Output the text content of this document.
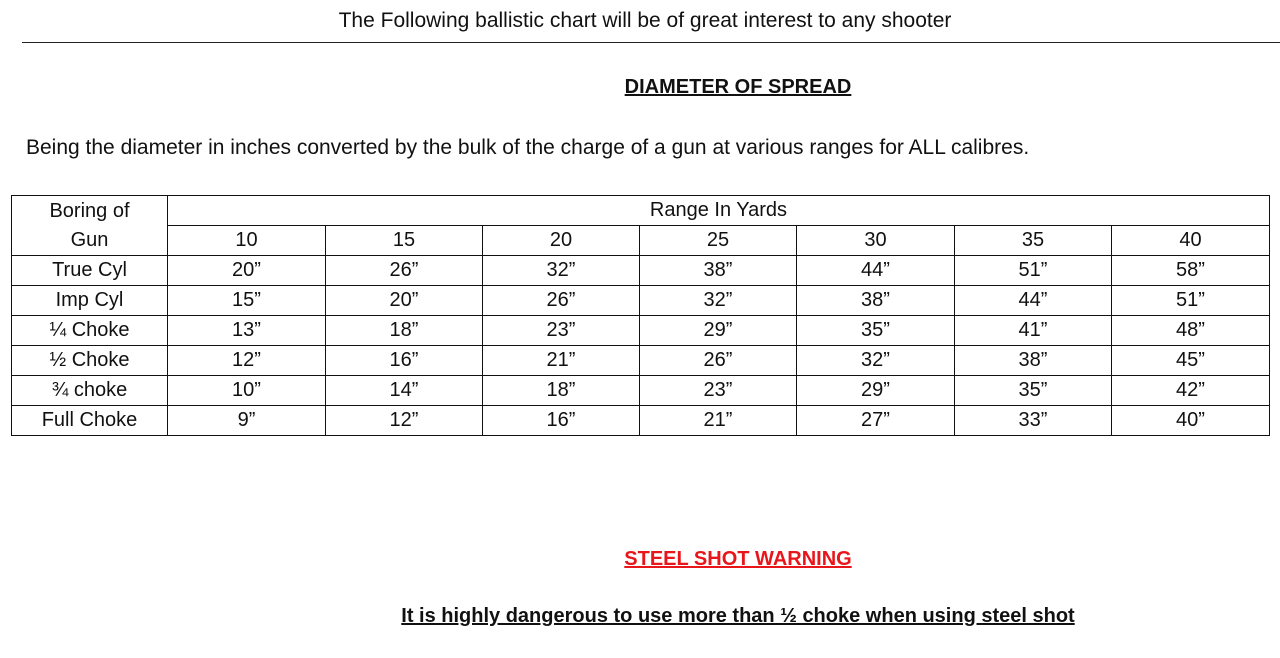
The Following ballistic chart will be of great interest to any shooter
DIAMETER OF SPREAD
Being the diameter in inches converted by the bulk of the charge of a gun at various ranges for ALL calibres.
Boring of
Gun	Range In Yards						
	10	15	20	25	30	35	40
True Cyl	20”	26”	32”	38”	44”	51”	58”
Imp Cyl	15”	20”	26”	32”	38”	44”	51”
¼ Choke	13”	18”	23”	29”	35”	41”	48”
½ Choke	12”	16”	21”	26”	32”	38”	45”
¾ choke	10”	14”	18”	23”	29”	35”	42”
Full Choke	9”	12”	16”	21”	27”	33”	40”
STEEL SHOT WARNING
It is highly dangerous to use more than ½ choke when using steel shot
